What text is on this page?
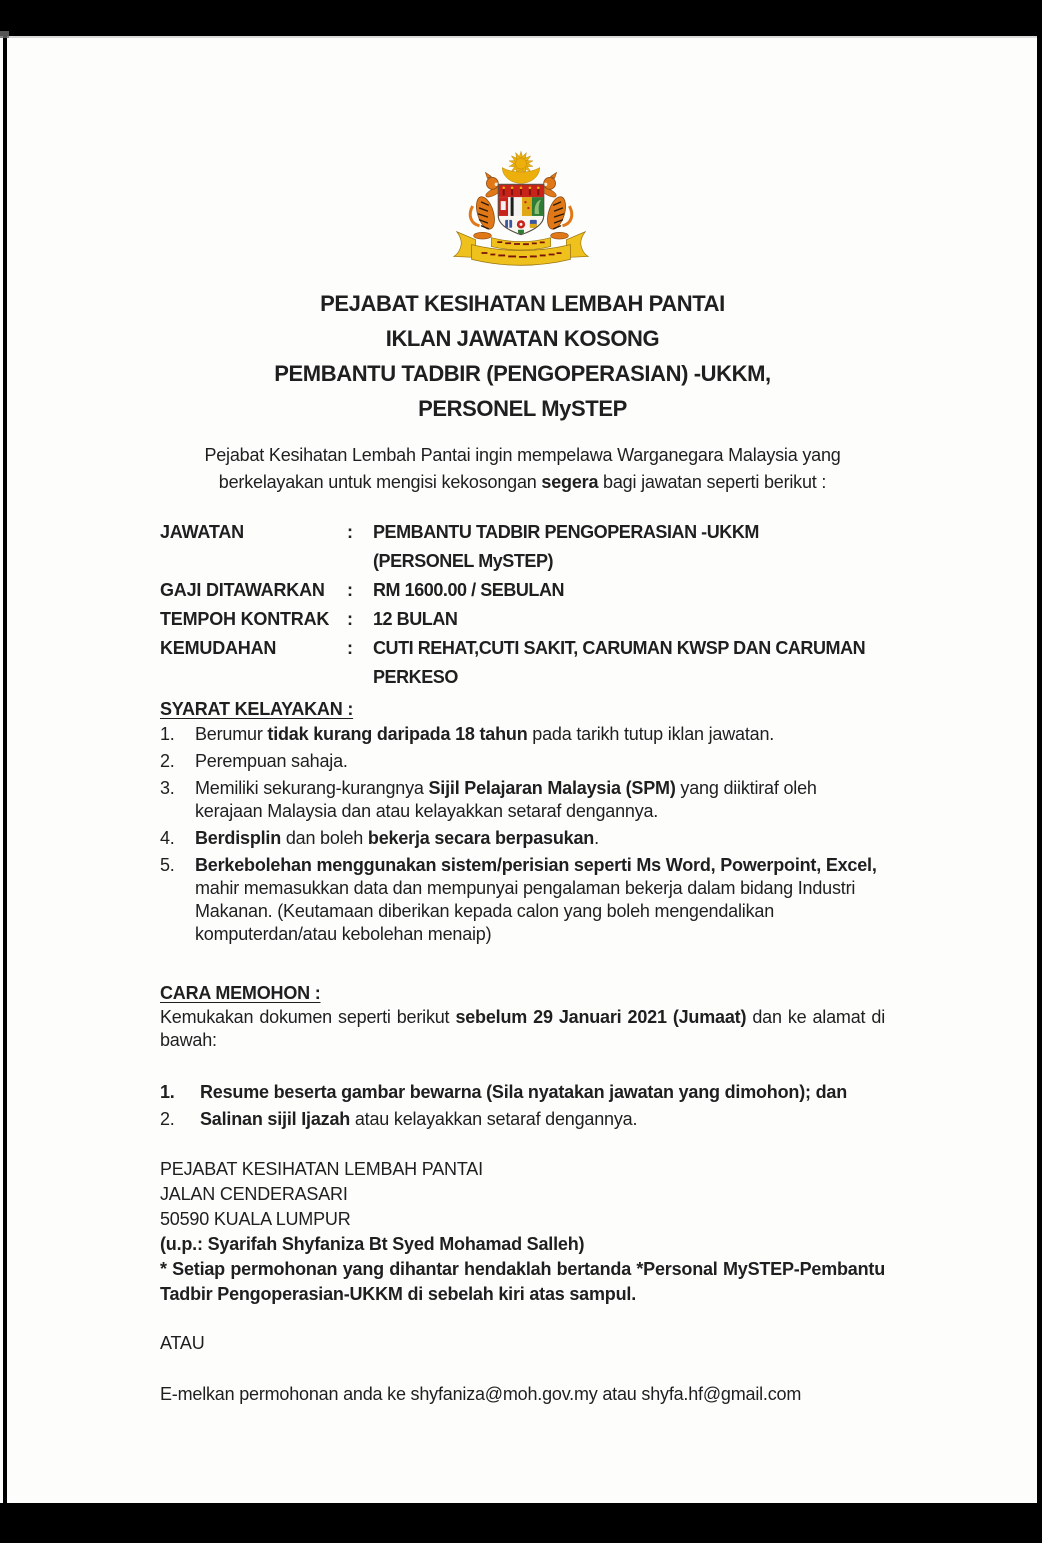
PEJABAT KESIHATAN LEMBAH PANTAI
IKLAN JAWATAN KOSONG
PEMBANTU TADBIR (PENGOPERASIAN) -UKKM,
PERSONEL MySTEP
Pejabat Kesihatan Lembah Pantai ingin mempelawa Warganegara Malaysia yang berkelayakan untuk mengisi kekosongan segera bagi jawatan seperti berikut :
JAWATAN	:	PEMBANTU TADBIR PENGOPERASIAN -UKKM
(PERSONEL MySTEP)
GAJI DITAWARKAN	:	RM 1600.00 / SEBULAN
TEMPOH KONTRAK :	12 BULAN
KEMUDAHAN	:	CUTI REHAT,CUTI SAKIT, CARUMAN KWSP DAN CARUMAN
PERKESO
SYARAT KELAYAKAN :
1. Berumur tidak kurang daripada 18 tahun pada tarikh tutup iklan jawatan.
2. Perempuan sahaja.
3. Memiliki sekurang-kurangnya Sijil Pelajaran Malaysia (SPM) yang diiktiraf oleh kerajaan Malaysia dan atau kelayakkan setaraf dengannya.
4. Berdisplin dan boleh bekerja secara berpasukan.
5. Berkebolehan menggunakan sistem/perisian seperti Ms Word, Powerpoint, Excel, mahir memasukkan data dan mempunyai pengalaman bekerja dalam bidang Industri Makanan. (Keutamaan diberikan kepada calon yang boleh mengendalikan komputerdan/atau kebolehan menaip)
CARA MEMOHON :
Kemukakan dokumen seperti berikut sebelum 29 Januari 2021 (Jumaat) dan ke alamat di bawah:
1. Resume beserta gambar bewarna (Sila nyatakan jawatan yang dimohon); dan
2. Salinan sijil Ijazah atau kelayakkan setaraf dengannya.
PEJABAT KESIHATAN LEMBAH PANTAI
JALAN CENDERASARI
50590 KUALA LUMPUR
(u.p.: Syarifah Shyfaniza Bt Syed Mohamad Salleh)
* Setiap permohonan yang dihantar hendaklah bertanda *Personal MySTEP-Pembantu Tadbir Pengoperasian-UKKM di sebelah kiri atas sampul.
ATAU
E-melkan permohonan anda ke shyfaniza@moh.gov.my atau shyfa.hf@gmail.com
